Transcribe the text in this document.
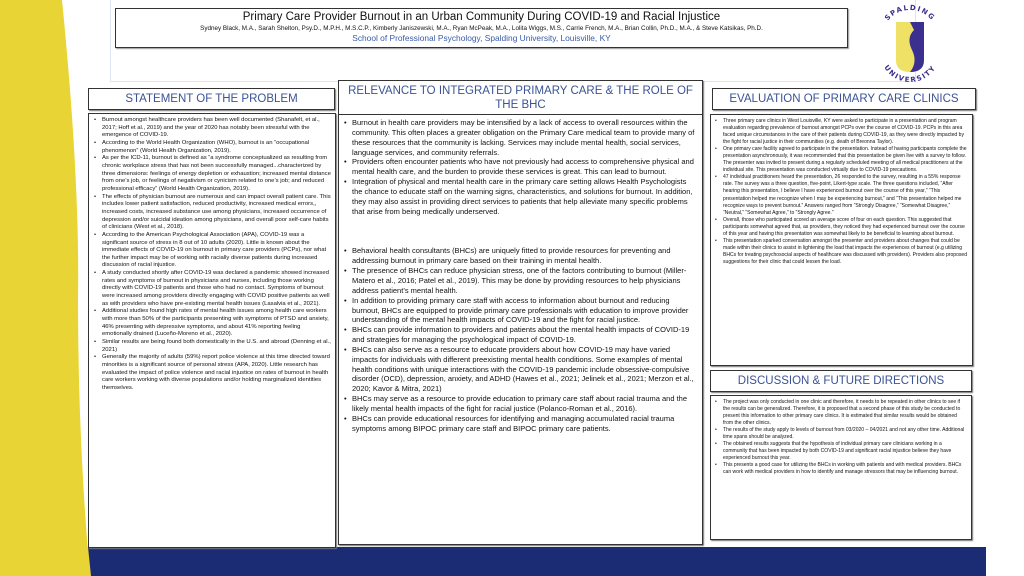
Primary Care Provider Burnout in an Urban Community During COVID-19 and Racial Injustice
Sydney Black, M.A., Sarah Shelton, Psy.D., M.P.H., M.S.C.P., Kimberly Janiszewski, M.A., Ryan McPeak, M.A., Lolita Wiggs, M.S., Carrie French, M.A., Brian Collin, Ph.D., M.A., & Steve Katsikas, Ph.D.
School of Professional Psychology, Spalding University, Louisville, KY
SPALDING
UNIVERSITY
STATEMENT OF THE PROBLEM
• Burnout amongst healthcare providers has been well documented (Shanafelt, et al., 2017; Hoff et al., 2019) and the year of 2020 has notably been stressful with the emergence of COVID-19.
• According to the World Health Organization (WHO), burnout is an “occupational phenomenon” (World Health Organization, 2019).
• As per the ICD-11, burnout is defined as “a syndrome conceptualized as resulting from chronic workplace stress that has not been successfully managed...characterized by three dimensions: feelings of energy depletion or exhaustion; increased mental distance from one’s job, or feelings of negativism or cynicism related to one’s job; and reduced professional efficacy” (World Health Organization, 2019).
• The effects of physician burnout are numerous and can impact overall patient care. This includes lower patient satisfaction, reduced productivity, increased medical errors,, increased costs, increased substance use among physicians, increased occurrence of depression and/or suicidal ideation among physicians, and overall poor self-care habits of clinicians (West et al., 2018).
• According to the American Psychological Association (APA), COVID-19 was a significant source of stress in 8 out of 10 adults (2020). Little is known about the immediate effects of COVID-19 on burnout in primary care providers (PCPs), nor what the further impact may be of working with racially diverse patients during increased discussion of racial injustice.
• A study conducted shortly after COVID-19 was declared a pandemic showed increased rates and symptoms of burnout in physicians and nurses, including those working directly with COVID-19 patients and those who had no contact. Symptoms of burnout were increased among providers directly engaging with COVID positive patients as well as with providers who have pre-existing mental health issues (Lasalvia et al., 2021).
• Additional studies found high rates of mental health issues among health care workers with more than 50% of the participants presenting with symptoms of PTSD and anxiety, 46% presenting with depressive symptoms, and about 41% reporting feeling emotionally drained (Luceño-Moreno et al., 2020).
• Similar results are being found both domestically in the U.S. and abroad (Denning et al., 2021)
• Generally the majority of adults (59%) report police violence at this time directed toward minorities is a significant source of personal stress (APA, 2020). Little research has evaluated the impact of police violence and racial injustice on rates of burnout in health care workers working with diverse populations and/or holding marginalized identities themselves.
RELEVANCE TO INTEGRATED PRIMARY CARE & THE ROLE OF THE BHC
• Burnout in health care providers may be intensified by a lack of access to overall resources within the community. This often places a greater obligation on the Primary Care medical team to provide many of these resources that the community is lacking. Services may include mental health, social services, language services, and community referrals.
• Providers often encounter patients who have not previously had access to comprehensive physical and mental health care, and the burden to provide these services is great. This can lead to burnout.
• Integration of physical and mental health care in the primary care setting allows Health Psychologists the chance to educate staff on the warning signs, characteristics, and solutions for burnout. In addition, they may also assist in providing direct services to patients that help alleviate many specific problems that arise from being medically underserved.
• Behavioral health consultants (BHCs) are uniquely fitted to provide resources for preventing and addressing burnout in primary care based on their training in mental health.
• The presence of BHCs can reduce physician stress, one of the factors contributing to burnout (Miller-Matero et al., 2016; Patel et al., 2019). This may be done by providing resources to help physicians address patient’s mental health.
• In addition to providing primary care staff with access to information about burnout and reducing burnout, BHCs are equipped to provide primary care professionals with education to improve provider understanding of the mental health impacts of COVID-19 and the fight for racial justice.
• BHCs can provide information to providers and patients about the mental health impacts of COVID-19 and strategies for managing the psychological impact of COVID-19.
• BHCs can also serve as a resource to educate providers about how COVID-19 may have varied impacts for individuals with different preexisting mental health conditions. Some examples of mental health conditions with unique interactions with the COVID-19 pandemic include obsessive-compulsive disorder (OCD), depression, anxiety, and ADHD (Hawes et al., 2021; Jelinek et al., 2021; Merzon et al., 2020; Kavor & Mitra, 2021)
• BHCs may serve as a resource to provide education to primary care staff about racial trauma and the likely mental health impacts of the fight for racial justice (Polanco-Roman et al., 2016).
• BHCs can provide educational resources for identifying and managing accumulated racial trauma symptoms among BIPOC primary care staff and BIPOC primary care patients.
EVALUATION OF PRIMARY CARE CLINICS
• Three primary care clinics in West Louisville, KY were asked to participate in a presentation and program evaluation regarding prevalence of burnout amongst PCPs over the course of COVID-19. PCPs in this area faced unique circumstances in the care of their patients during COVID-19, as they were directly impacted by the fight for racial justice in their communities (e.g. death of Breonna Taylor).
• One primary care facility agreed to participate in the presentation. Instead of having participants complete the presentation asynchronously, it was recommended that this presentation be given live with a survey to follow. The presenter was invited to present during a regularly scheduled meeting of all medical practitioners at the individual site. This presentation was conducted virtually due to COVID-19 precautions.
• 47 individual practitioners heard the presentation, 26 responded to the survey, resulting in a 55% response rate. The survey was a three question, five-point, Likert-type scale. The three questions included, “After hearing this presentation, I believe I have experienced burnout over the course of this year,” “This presentation helped me recognize when I may be experiencing burnout,” and “This presentation helped me recognize ways to prevent burnout.” Answers ranged from “Strongly Disagree,” “Somewhat Disagree,” “Neutral,” “Somewhat Agree,” to “Strongly Agree.”
• Overall, those who participated scored an average score of four on each question. This suggested that participants somewhat agreed that, as providers, they noticed they had experienced burnout over the course of this year and having this presentation was somewhat likely to be beneficial to learning about burnout.
• This presentation sparked conversation amongst the presenter and providers about changes that could be made within their clinics to assist in lightening the load that impacts the experiences of burnout (e.g utilizing BHCs for treating psychosocial aspects of healthcare was discussed with providers). Providers also proposed suggestions for their clinic that could lessen the load.
DISCUSSION & FUTURE DIRECTIONS
• The project was only conducted in one clinic and therefore, it needs to be repeated in other clinics to see if the results can be generalized. Therefore, it is proposed that a second phase of this study be conducted to present this information to other primary care clinics. It is estimated that similar results would be obtained from the other clinics.
• The results of the study apply to levels of burnout from 03/2020 – 04/2021 and not any other time. Additional time spans should be analyzed.
• The obtained results suggests that the hypothesis of individual primary care clinicians working in a community that has been impacted by both COVID-19 and significant racial injustice believe they have experienced burnout this year.
• This presents a good case for utilizing the BHCs in working with patients and with medical providers. BHCs can work with medical providers in how to identify and manage stressors that may be influencing burnout.
